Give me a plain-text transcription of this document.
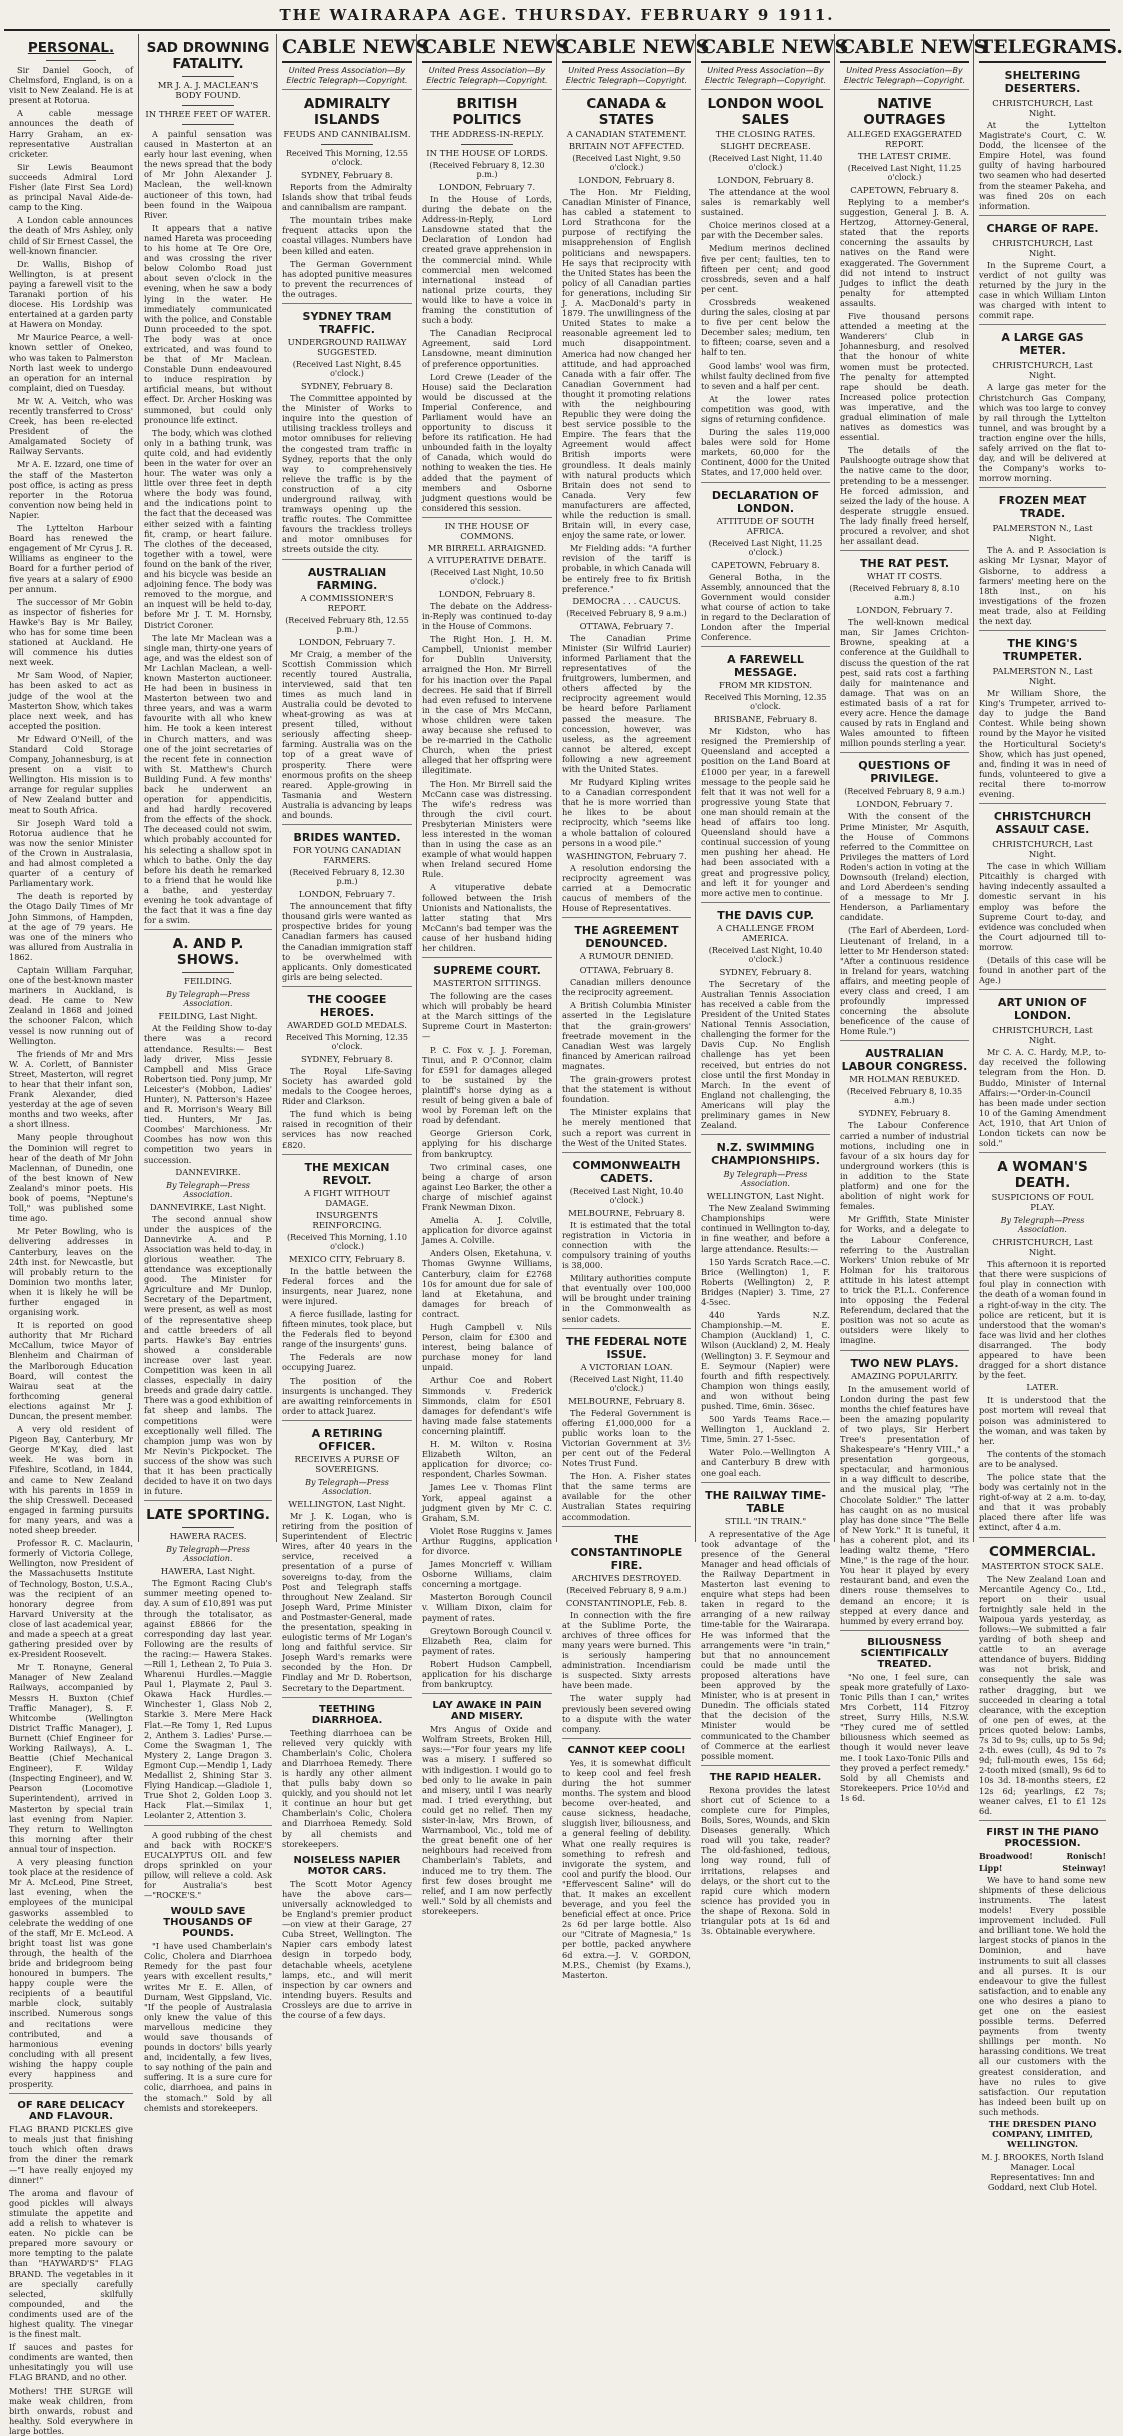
THE WAIRARAPA AGE. THURSDAY. FEBRUARY 9 1911.
PERSONAL.

Sir Daniel Gooch, of Chelmsford, England, is on a visit to New Zealand. He is at present at Rotorua.

A cable message announces the death of Harry Graham, an ex-representative Australian cricketer.

Sir Lewis Beaumont succeeds Admiral Lord Fisher (late First Sea Lord) as principal Naval Aide-de-camp to the King.

A London cable announces the death of Mrs Ashley, only child of Sir Ernest Cassel, the well-known financier.

Dr. Wallis, Bishop of Wellington, is at present paying a farewell visit to the Taranaki portion of his diocese. His Lordship was entertained at a garden party at Hawera on Monday.

Mr Maurice Pearce, a well-known settler of Onekeo, who was taken to Palmerston North last week to undergo an operation for an internal complaint, died on Tuesday.

Mr W. A. Veitch, who was recently transferred to Cross' Creek, has been re-elected President of the Amalgamated Society of Railway Servants.

Mr A. E. Izzard, one time of the staff of the Masterton post office, is acting as press reporter in the Rotorua convention now being held in Napier.

The Lyttelton Harbour Board has renewed the engagement of Mr Cyrus J. R. Williams as engineer to the Board for a further period of five years at a salary of £900 per annum.

The successor of Mr Gobin as inspector of fisheries for Hawke's Bay is Mr Bailey, who has for some time been stationed at Auckland. He will commence his duties next week.

Mr Sam Wood, of Napier, has been asked to act as judge of the wool at the Masterton Show, which takes place next week, and has accepted the position.

Mr Edward O'Neill, of the Standard Cold Storage Company, Johannesburg, is at present on a visit to Wellington. His mission is to arrange for regular supplies of New Zealand butter and meat to South Africa.

Sir Joseph Ward told a Rotorua audience that he was now the senior Minister of the Crown in Australasia, and had almost completed a quarter of a century of Parliamentary work.

The death is reported by the Otago Daily Times of Mr John Simmons, of Hampden, at the age of 79 years. He was one of the miners who was allured from Australia in 1862.

Captain William Farquhar, one of the best-known master mariners in Auckland, is dead. He came to New Zealand in 1868 and joined the schooner Falcon, which vessel is now running out of Wellington.

The friends of Mr and Mrs W. A. Corlett, of Bannister Street, Masterton, will regret to hear that their infant son, Frank Alexander, died yesterday at the age of seven months and two weeks, after a short illness.

Many people throughout the Dominion will regret to hear of the death of Mr John Maclennan, of Dunedin, one of the best known of New Zealand's minor poets. His book of poems, "Neptune's Toll," was published some time ago.

Mr Peter Bowling, who is delivering addresses in Canterbury, leaves on the 24th inst. for Newcastle, but will probably return to the Dominion two months later, when it is likely he will be further engaged in organising work.

It is reported on good authority that Mr Richard McCallum, twice Mayor of Blenheim and Chairman of the Marlborough Education Board, will contest the Wairau seat at the forthcoming general elections against Mr J. Duncan, the present member.

A very old resident of Pigeon Bay, Canterbury, Mr George M'Kay, died last week. He was born in Fifeshire, Scotland, in 1844, and came to New Zealand with his parents in 1859 in the ship Cresswell. Deceased engaged in farming pursuits for many years, and was a noted sheep breeder.

Professor R. C. Maclaurin, formerly of Victoria College, Wellington, now President of the Massachusetts Institute of Technology, Boston, U.S.A., was the recipient of an honorary degree from Harvard University at the close of last academical year, and made a speech at a great gathering presided over by ex-President Roosevelt.

Mr T. Ronayne, General Manager of New Zealand Railways, accompanied by Messrs H. Buxton (Chief Traffic Manager), S. F. Whitcombe (Wellington District Traffic Manager), J. Burnett (Chief Engineer for Working Railways), A. L. Beattie (Chief Mechanical Engineer), F. Wilday (Inspecting Engineer), and W. Pearson (Locomotive Superintendent), arrived in Masterton by special train last evening from Napier. They return to Wellington this morning after their annual tour of inspection.

A very pleasing function took place at the residence of Mr A. McLeod, Pine Street, last evening, when the employees of the municipal gasworks assembled to celebrate the wedding of one of the staff, Mr E. McLeod. A bright toast list was gone through, the health of the bride and bridegroom being honoured in bumpers. The happy couple were the recipients of a beautiful marble clock, suitably inscribed. Numerous songs and recitations were contributed, and a harmonious evening concluding with all present wishing the happy couple every happiness and prosperity.

OF RARE DELICACY AND FLAVOUR.

FLAG BRAND PICKLES give to meals just that finishing touch which often draws from the diner the remark—"I have really enjoyed my dinner!"

The aroma and flavour of good pickles will always stimulate the appetite and add a relish to whatever is eaten. No pickle can be prepared more savoury or more tempting to the palate than "HAYWARD'S" FLAG BRAND. The vegetables in it are specially carefully selected, skilfully compounded, and the condiments used are of the highest quality. The vinegar is the finest malt.

If sauces and pastes for condiments are wanted, then unhesitatingly you will use FLAG BRAND, and no other.

Mothers! THE SURGE will make weak children, from birth onwards, robust and healthy. Sold everywhere in large bottles.

SAD DROWNING FATALITY.
MR J. A. J. MACLEAN'S BODY FOUND.
IN THREE FEET OF WATER.

A painful sensation was caused in Masterton at an early hour last evening, when the news spread that the body of Mr John Alexander J. Maclean, the well-known auctioneer of this town, had been found in the Waipoua River.

It appears that a native named Hareta was proceeding to his home at Te Ore Ore, and was crossing the river below Colombo Road just about seven o'clock in the evening, when he saw a body lying in the water. He immediately communicated with the police, and Constable Dunn proceeded to the spot. The body was at once extricated, and was found to be that of Mr Maclean. Constable Dunn endeavoured to induce respiration by artificial means, but without effect. Dr. Archer Hosking was summoned, but could only pronounce life extinct.

The body, which was clothed only in a bathing trunk, was quite cold, and had evidently been in the water for over an hour. The water was only a little over three feet in depth where the body was found, and the indications point to the fact that the deceased was either seized with a fainting fit, cramp, or heart failure. The clothes of the deceased, together with a towel, were found on the bank of the river, and his bicycle was beside an adjoining fence. The body was removed to the morgue, and an inquest will be held to-day, before Mr J. T. M. Hornsby, District Coroner.

The late Mr Maclean was a single man, thirty-one years of age, and was the eldest son of Mr Lachlan Maclean, a well-known Masterton auctioneer. He had been in business in Masterton between two and three years, and was a warm favourite with all who knew him. He took a keen interest in Church matters, and was one of the joint secretaries of the recent fete in connection with St. Matthew's Church Building Fund. A few months' back he underwent an operation for appendicitis, and had hardly recovered from the effects of the shock. The deceased could not swim, which probably accounted for his selecting a shallow spot in which to bathe. Only the day before his death he remarked to a friend that he would like a bathe, and yesterday evening he took advantage of the fact that it was a fine day for a swim.

A. AND P. SHOWS.
FEILDING.
By Telegraph—Press Association.
FEILDING, Last Night.

At the Feilding Show to-day there was a record attendance. Results:— Best lady driver, Miss Jessie Campbell and Miss Grace Robertson tied. Pony jump, Mr Leicester's (Mobbon, Ladies' Hunter), N. Patterson's Hazee and R. Morrison's Weary Bill tied. Hunters, Mr Jas. Coombes' Marchioness. Mr Coombes has now won this competition two years in succession.

DANNEVIRKE.
By Telegraph—Press Association.
DANNEVIRKE, Last Night.

The second annual show under the auspices of the Dannevirke A. and P. Association was held to-day, in glorious weather. The attendance was exceptionally good. The Minister for Agriculture and Mr Dunlop, Secretary of the Department, were present, as well as most of the representative sheep and cattle breeders of all parts. Hawke's Bay entries showed a considerable increase over last year. Competition was keen in all classes, especially in dairy breeds and grade dairy cattle. There was a good exhibition of fat sheep and lambs. The competitions were exceptionally well filled. The champion jump was won by Mr Nevin's Pickpocket. The success of the show was such that it has been practically decided to have it on two days in future.

LATE SPORTING.
HAWERA RACES.
By Telegraph—Press Association.
HAWERA, Last Night.

The Egmont Racing Club's summer meeting opened to-day. A sum of £10,891 was put through the totalisator, as against £8866 for the corresponding day last year. Following are the results of the racing:— Hawera Stakes.—Rill 1, Lethean 2, To Puia 3. Wharenui Hurdles.—Maggie Paul 1, Playmate 2, Paul 3. Okawa Hack Hurdles.—Winchester 1, Glass Nob 2, Starkie 3. Mere Mere Hack Flat.—Re Tomy 1, Red Lupus 2, Anthem 3. Ladies' Purse.—Come the Swagman 1, The Mystery 2, Lange Dragon 3. Egmont Cup.—Mendip 1, Lady Medallist 2, Shining Star 3. Flying Handicap.—Gladiole 1, True Shot 2, Golden Loop 3. Hack Flat.—Similax 1, Leolanter 2, Attention 3.

A good rubbing of the chest and back with ROCKE'S EUCALYPTUS OIL and few drops sprinkled on your pillow, will relieve a cold. Ask for Australia's best—"ROCKE'S."

WOULD SAVE THOUSANDS OF POUNDS.

"I have used Chamberlain's Colic, Cholera and Diarrhoea Remedy for the past four years with excellent results," writes Mr E. E. Allen, of Durnam, West Gippsland, Vic. "If the people of Australasia only knew the value of this marvellous medicine they would save thousands of pounds in doctors' bills yearly and, incidentally, a few lives, to say nothing of the pain and suffering. It is a sure cure for colic, diarrhoea, and pains in the stomach." Sold by all chemists and storekeepers.

CABLE NEWS
United Press Association—By Electric Telegraph—Copyright.
ADMIRALTY ISLANDS
FEUDS AND CANNIBALISM.
Received This Morning, 12.55 o'clock.
SYDNEY, February 8.

Reports from the Admiralty Islands show that tribal feuds and cannibalism are rampant.

The mountain tribes make frequent attacks upon the coastal villages. Numbers have been killed and eaten.

The German Government has adopted punitive measures to prevent the recurrences of the outrages.

SYDNEY TRAM TRAFFIC.
UNDERGROUND RAILWAY SUGGESTED.
(Received Last Night, 8.45 o'clock.)
SYDNEY, February 8.

The Committee appointed by the Minister of Works to inquire into the question of utilising trackless trolleys and motor omnibuses for relieving the congested tram traffic in Sydney, reports that the only way to comprehensively relieve the traffic is by the construction of a city underground railway, with tramways opening up the traffic routes. The Committee favours the trackless trolleys and motor omnibuses for streets outside the city.

AUSTRALIAN FARMING.
A COMMISSIONER'S REPORT.
(Received February 8th, 12.55 p.m.)
LONDON, February 7.

Mr Craig, a member of the Scottish Commission which recently toured Australia, interviewed, said that ten times as much land in Australia could be devoted to wheat-growing as was at present tilled, without seriously affecting sheep-farming. Australia was on the top of a great wave of prosperity. There were enormous profits on the sheep reared. Apple-growing in Tasmania and Western Australia is advancing by leaps and bounds.

BRIDES WANTED.
FOR YOUNG CANADIAN FARMERS.
(Received February 8, 12.30 p.m.)
LONDON, February 7.

The announcement that fifty thousand girls were wanted as prospective brides for young Canadian farmers has caused the Canadian immigration staff to be overwhelmed with applicants. Only domesticated girls are being selected.

THE COOGEE HEROES.
AWARDED GOLD MEDALS.
Received This Morning, 12.35 o'clock.
SYDNEY, February 8.

The Royal Life-Saving Society has awarded gold medals to the Coogee heroes, Rider and Clarkson.

The fund which is being raised in recognition of their services has now reached £820.

THE MEXICAN REVOLT.
A FIGHT WITHOUT DAMAGE.
INSURGENTS REINFORCING.
(Received This Morning, 1.10 o'clock.)
MEXICO CITY, February 8.

In the battle between the Federal forces and the insurgents, near Juarez, none were injured.

A fierce fusillade, lasting for fifteen minutes, took place, but the Federals fled to beyond range of the insurgents' guns.

The Federals are now occupying Juarez.

The position of the insurgents is unchanged. They are awaiting reinforcements in order to attack Juarez.

A RETIRING OFFICER.
RECEIVES A PURSE OF SOVEREIGNS.
By Telegraph—Press Association.
WELLINGTON, Last Night.

Mr J. K. Logan, who is retiring from the position of Superintendent of Electric Wires, after 40 years in the service, received a presentation of a purse of sovereigns to-day, from the Post and Telegraph staffs throughout New Zealand. Sir Joseph Ward, Prime Minister and Postmaster-General, made the presentation, speaking in eulogistic terms of Mr Logan's long and faithful service. Sir Joseph Ward's remarks were seconded by the Hon. Dr Findlay and Mr D. Robertson, Secretary to the Department.

TEETHING DIARRHOEA.

Teething diarrhoea can be relieved very quickly with Chamberlain's Colic, Cholera and Diarrhoea Remedy. There is hardly any other ailment that pulls baby down so quickly, and you should not let it continue an hour but get Chamberlain's Colic, Cholera and Diarrhoea Remedy. Sold by all chemists and storekeepers.

NOISELESS NAPIER MOTOR CARS.

The Scott Motor Agency have the above cars—universally acknowledged to be England's premier product—on view at their Garage, 27 Cuba Street, Wellington. The Napier cars embody latest design in torpedo body, detachable wheels, acetylene lamps, etc., and will merit inspection by car owners and intending buyers. Results and Crossleys are due to arrive in the course of a few days.

CABLE NEWS
United Press Association—By Electric Telegraph—Copyright.
BRITISH POLITICS
THE ADDRESS-IN-REPLY.
IN THE HOUSE OF LORDS.
(Received February 8, 12.30 p.m.)
LONDON, February 7.

In the House of Lords, during the debate on the Address-in-Reply, Lord Lansdowne stated that the Declaration of London had created grave apprehension in the commercial mind. While commercial men welcomed international instead of national prize courts, they would like to have a voice in framing the constitution of such a body.

The Canadian Reciprocal Agreement, said Lord Lansdowne, meant diminution of preference opportunities.

Lord Crewe (Leader of the House) said the Declaration would be discussed at the Imperial Conference, and Parliament would have an opportunity to discuss it before its ratification. He had unbounded faith in the loyalty of Canada, which would do nothing to weaken the ties. He added that the payment of members and Osborne judgment questions would be considered this session.

IN THE HOUSE OF COMMONS.
MR BIRRELL ARRAIGNED.
A VITUPERATIVE DEBATE.
(Received Last Night, 10.50 o'clock.)
LONDON, February 8.

The debate on the Address-in-Reply was continued to-day in the House of Commons.

The Right Hon. J. H. M. Campbell, Unionist member for Dublin University, arraigned the Hon. Mr Birrell for his inaction over the Papal decrees. He said that if Birrell had even refused to intervene in the case of Mrs McCann, whose children were taken away because she refused to be re-married in the Catholic Church, when the priest alleged that her offspring were illegitimate.

The Hon. Mr Birrell said the McCann case was distressing. The wife's redress was through the civil court. Presbyterian Ministers were less interested in the woman than in using the case as an example of what would happen when Ireland secured Home Rule.

A vituperative debate followed between the Irish Unionists and Nationalists, the latter stating that Mrs McCann's bad temper was the cause of her husband hiding her children.

SUPREME COURT.
MASTERTON SITTINGS.

The following are the cases which will probably be heard at the March sittings of the Supreme Court in Masterton:—

P. C. Fox v. J. J. Foreman, Tinui, and P. O'Connor, claim for £591 for damages alleged to be sustained by the plaintiff's horse dying as a result of being given a bale of wool by Foreman left on the road by defendant.

George Grierson Cork, applying for his discharge from bankruptcy.

Two criminal cases, one being a charge of arson against Leo Barker, the other a charge of mischief against Frank Newman Dixon.

Amelia A. J. Colville, application for divorce against James A. Colville.

Anders Olsen, Eketahuna, v. Thomas Gwynne Williams, Canterbury, claim for £2768 10s for amount due for sale of land at Eketahuna, and damages for breach of contract.

Hugh Campbell v. Nils Person, claim for £300 and interest, being balance of purchase money for land unpaid.

Arthur Coe and Robert Simmonds v. Frederick Simmonds, claim for £501 damages for defendant's wife having made false statements concerning plaintiff.

H. M. Wilton v. Rosina Elizabeth Wilton, an application for divorce; co-respondent, Charles Sowman.

James Lee v. Thomas Flint York, appeal against a judgment given by Mr C. C. Graham, S.M.

Violet Rose Ruggins v. James Arthur Ruggins, application for divorce.

James Moncrieff v. William Osborne Williams, claim concerning a mortgage.

Masterton Borough Council v. William Dixon, claim for payment of rates.

Greytown Borough Council v. Elizabeth Rea, claim for payment of rates.

Robert Hudson Campbell, application for his discharge from bankruptcy.

LAY AWAKE IN PAIN AND MISERY.

Mrs Angus of Oxide and Wolfram Streets, Broken Hill, says:—"For four years my life was a misery. I suffered so with indigestion. I would go to bed only to lie awake in pain and misery, until I was nearly mad. I tried everything, but could get no relief. Then my sister-in-law, Mrs Brown, of Warrnambool, Vic., told me of the great benefit one of her neighbours had received from Chamberlain's Tablets, and induced me to try them. The first few doses brought me relief, and I am now perfectly well." Sold by all chemists and storekeepers.

CABLE NEWS
United Press Association—By Electric Telegraph—Copyright.
CANADA & STATES
A CANADIAN STATEMENT.
BRITAIN NOT AFFECTED.
(Received Last Night, 9.50 o'clock.)
LONDON, February 8.

The Hon. Mr Fielding, Canadian Minister of Finance, has cabled a statement to Lord Strathcona for the purpose of rectifying the misapprehension of English politicians and newspapers. He says that reciprocity with the United States has been the policy of all Canadian parties for generations, including Sir J. A. MacDonald's party in 1879. The unwillingness of the United States to make a reasonable agreement led to much disappointment. America had now changed her attitude, and had approached Canada with a fair offer. The Canadian Government had thought it promoting relations with the neighbouring Republic they were doing the best service possible to the Empire. The fears that the Agreement would affect British imports were groundless. It deals mainly with natural products which Britain does not send to Canada. Very few manufacturers are affected, while the reduction is small. Britain will, in every case, enjoy the same rate, or lower.

Mr Fielding adds: "A further revision of the tariff is probable, in which Canada will be entirely free to fix British preference."

DEMOCRA . . . CAUCUS.
(Received February 8, 9 a.m.)
OTTAWA, February 7.

The Canadian Prime Minister (Sir Wilfrid Laurier) informed Parliament that the representatives of the fruitgrowers, lumbermen, and others affected by the reciprocity agreement would be heard before Parliament passed the measure. The concession, however, was useless, as the agreement cannot be altered, except following a new agreement with the United States.

Mr Rudyard Kipling writes to a Canadian correspondent that he is more worried than he likes to be about reciprocity, which "seems like a whole battalion of coloured persons in a wood pile."

WASHINGTON, February 7.

A resolution endorsing the reciprocity agreement was carried at a Democratic caucus of members of the House of Representatives.

THE AGREEMENT DENOUNCED.
A RUMOUR DENIED.
OTTAWA, February 8.

Canadian millers denounce the reciprocity agreement.

A British Columbia Minister asserted in the Legislature that the grain-growers' freetrade movement in the Canadian West was largely financed by American railroad magnates.

The grain-growers protest that the statement is without foundation.

The Minister explains that he merely mentioned that such a report was current in the West of the United States.

COMMONWEALTH CADETS.
(Received Last Night, 10.40 o'clock.)
MELBOURNE, February 8.

It is estimated that the total registration in Victoria in connection with the compulsory training of youths is 38,000.

Military authorities compute that eventually over 100,000 will be brought under training in the Commonwealth as senior cadets.

THE FEDERAL NOTE ISSUE.
A VICTORIAN LOAN.
(Received Last Night, 11.40 o'clock.)
MELBOURNE, February 8.

The Federal Government is offering £1,000,000 for a public works loan to the Victorian Government at 3½ per cent out of the Federal Notes Trust Fund.

The Hon. A. Fisher states that the same terms are available for the other Australian States requiring accommodation.

THE CONSTANTINOPLE FIRE.
ARCHIVES DESTROYED.
(Received February 8, 9 a.m.)
CONSTANTINOPLE, Feb. 8.

In connection with the fire at the Sublime Porte, the archives of three offices for many years were burned. This is seriously hampering administration. Incendiarism is suspected. Sixty arrests have been made.

The water supply had previously been severed owing to a dispute with the water company.

CANNOT KEEP COOL!

Yes, it is somewhat difficult to keep cool and feel fresh during the hot summer months. The system and blood become over-heated, and cause sickness, headache, sluggish liver, biliousness, and a general feeling of debility. What one really requires is something to refresh and invigorate the system, and cool and purify the blood. Our "Effervescent Saline" will do that. It makes an excellent beverage, and you feel the beneficial effect at once. Price 2s 6d per large bottle. Also our "Citrate of Magnesia," 1s per bottle, packed anywhere 6d extra.—J. V. GORDON, M.P.S., Chemist (by Exams.), Masterton.

CABLE NEWS
United Press Association—By Electric Telegraph—Copyright.
LONDON WOOL SALES
THE CLOSING RATES.
SLIGHT DECREASE.
(Received Last Night, 11.40 o'clock.)
LONDON, February 8.

The attendance at the wool sales is remarkably well sustained.

Choice merinos closed at a par with the December sales.

Medium merinos declined five per cent; faulties, ten to fifteen per cent; and good crossbreds, seven and a half per cent.

Crossbreds weakened during the sales, closing at par to five per cent below the December sales; medium, ten to fifteen; coarse, seven and a half to ten.

Good lambs' wool was firm, whilst faulty declined from five to seven and a half per cent.

At the lower rates competition was good, with signs of returning confidence.

During the sales 119,000 bales were sold for Home markets, 60,000 for the Continent, 4000 for the United States, and 17,000 held over.

DECLARATION OF LONDON.
ATTITUDE OF SOUTH AFRICA.
(Received Last Night, 11.25 o'clock.)
CAPETOWN, February 8.

General Botha, in the Assembly, announced that the Government would consider what course of action to take in regard to the Declaration of London after the Imperial Conference.

A FAREWELL MESSAGE.
FROM MR KIDSTON.
Received This Morning, 12.35 o'clock.
BRISBANE, February 8.

Mr Kidston, who has resigned the Premiership of Queensland and accepted a position on the Land Board at £1000 per year, in a farewell message to the people said he felt that it was not well for a progressive young State that one man should remain at the head of affairs too long. Queensland should have a continual succession of young men pushing her ahead. He had been associated with a great and progressive policy, and left it for younger and more active men to continue.

THE DAVIS CUP.
A CHALLENGE FROM AMERICA.
(Received Last Night, 10.40 o'clock.)
SYDNEY, February 8.

The Secretary of the Australian Tennis Association has received a cable from the President of the United States National Tennis Association, challenging the former for the Davis Cup. No English challenge has yet been received, but entries do not close until the first Monday in March. In the event of England not challenging, the Americans will play the preliminary games in New Zealand.

N.Z. SWIMMING CHAMPIONSHIPS.
By Telegraph—Press Association.
WELLINGTON, Last Night.

The New Zealand Swimming Championships were continued in Wellington to-day, in fine weather, and before a large attendance. Results:—

150 Yards Scratch Race.—C. Brice (Wellington) 1, F. Roberts (Wellington) 2, P. Bridges (Napier) 3. Time, 27 4-5sec.

440 Yards N.Z. Championship.—M. E. Champion (Auckland) 1, C. Wilson (Auckland) 2, M. Healy (Wellington) 3. F. Seymour and E. Seymour (Napier) were fourth and fifth respectively. Champion won things easily, and won without being pushed. Time, 6min. 36sec.

500 Yards Teams Race.—Wellington 1, Auckland 2. Time, 5min. 27 1-5sec.

Water Polo.—Wellington A and Canterbury B drew with one goal each.

THE RAILWAY TIME-TABLE
STILL "IN TRAIN."

A representative of the Age took advantage of the presence of the General Manager and head officials of the Railway Department in Masterton last evening to enquire what steps had been taken in regard to the arranging of a new railway time-table for the Wairarapa. He was informed that the arrangements were "in train," but that no announcement could be made until the proposed alterations have been approved by the Minister, who is at present in Dunedin. The officials stated that the decision of the Minister would be communicated to the Chamber of Commerce at the earliest possible moment.

THE RAPID HEALER.

Rexona provides the latest short cut of Science to a complete cure for Pimples, Boils, Sores, Wounds, and Skin Diseases generally. Which road will you take, reader? The old-fashioned, tedious, long way round, full of irritations, relapses and delays, or the short cut to the rapid cure which modern science has provided you in the shape of Rexona. Sold in triangular pots at 1s 6d and 3s. Obtainable everywhere.

CABLE NEWS
United Press Association—By Electric Telegraph—Copyright.
NATIVE OUTRAGES
ALLEGED EXAGGERATED REPORT.
THE LATEST CRIME.
(Received Last Night, 11.25 o'clock.)
CAPETOWN, February 8.

Replying to a member's suggestion, General J. B. A. Hertzog, Attorney-General, stated that the reports concerning the assaults by natives on the Rand were exaggerated. The Government did not intend to instruct Judges to inflict the death penalty for attempted assaults.

Five thousand persons attended a meeting at the Wanderers' Club in Johannesburg, and resolved that the honour of white women must be protected. The penalty for attempted rape should be death. Increased police protection was imperative, and the gradual elimination of male natives as domestics was essential.

The details of the Paulshoogte outrage show that the native came to the door, pretending to be a messenger. He forced admission, and seized the lady of the house. A desperate struggle ensued. The lady finally freed herself, procured a revolver, and shot her assailant dead.

THE RAT PEST.
WHAT IT COSTS.
(Received February 8, 8.10 a.m.)
LONDON, February 7.

The well-known medical man, Sir James Crichton-Browne, speaking at a conference at the Guildhall to discuss the question of the rat pest, said rats cost a farthing daily for maintenance and damage. That was on an estimated basis of a rat for every acre. Hence the damage caused by rats in England and Wales amounted to fifteen million pounds sterling a year.

QUESTIONS OF PRIVILEGE.
(Received February 8, 9 a.m.)
LONDON, February 7.

With the consent of the Prime Minister, Mr Asquith, the House of Commons referred to the Committee on Privileges the matters of Lord Roden's action in voting at the Downsouth (Ireland) election, and Lord Aberdeen's sending of a message to Mr J. Henderson, a Parliamentary candidate.

(The Earl of Aberdeen, Lord-Lieutenant of Ireland, in a letter to Mr Henderson stated: "After a continuous residence in Ireland for years, watching affairs, and meeting people of every class and creed, I am profoundly impressed concerning the absolute beneficence of the cause of Home Rule.")

AUSTRALIAN LABOUR CONGRESS.
MR HOLMAN REBUKED.
(Received February 8, 10.35 a.m.)
SYDNEY, February 8.

The Labour Conference carried a number of industrial motions, including one in favour of a six hours day for underground workers (this is in addition to the State platform) and one for the abolition of night work for females.

Mr Griffith, State Minister for Works, and a delegate to the Labour Conference, referring to the Australian Workers' Union rebuke of Mr Holman for his traitorous attitude in his latest attempt to trick the P.L.L. Conference into opposing the Federal Referendum, declared that the position was not so acute as outsiders were likely to imagine.

TWO NEW PLAYS.
AMAZING POPULARITY.

In the amusement world of London during the past few months the chief features have been the amazing popularity of two plays, Sir Herbert Tree's presentation of Shakespeare's "Henry VIII.," a presentation gorgeous, spectacular, and harmonious in a way difficult to describe, and the musical play, "The Chocolate Soldier." The latter has caught on as no musical play has done since "The Belle of New York." It is tuneful, it has a coherent plot, and its leading waltz theme, "Hero Mine," is the rage of the hour. You hear it played by every restaurant band, and even the diners rouse themselves to demand an encore; it is stepped at every dance and hummed by every errand boy.

BILIOUSNESS SCIENTIFICALLY TREATED.

"No one, I feel sure, can speak more gratefully of Laxo-Tonic Pills than I can," writes Mrs Corbett, 114 Fitzroy street, Surry Hills, N.S.W. "They cured me of settled biliousness which seemed as though it would never leave me. I took Laxo-Tonic Pills and they proved a perfect remedy." Sold by all Chemists and Storekeepers. Price 10½d and 1s 6d.

TELEGRAMS.
SHELTERING DESERTERS.
CHRISTCHURCH, Last Night.

At the Lyttelton Magistrate's Court, C. W. Dodd, the licensee of the Empire Hotel, was found guilty of having harboured two seamen who had deserted from the steamer Pakeha, and was fined 20s on each information.

CHARGE OF RAPE.
CHRISTCHURCH, Last Night.

In the Supreme Court, a verdict of not guilty was returned by the jury in the case in which William Linton was charged with intent to commit rape.

A LARGE GAS METER.
CHRISTCHURCH, Last Night.

A large gas meter for the Christchurch Gas Company, which was too large to convey by rail through the Lyttelton tunnel, and was brought by a traction engine over the hills, safely arrived on the flat to-day, and will be delivered at the Company's works to-morrow morning.

FROZEN MEAT TRADE.
PALMERSTON N., Last Night.

The A. and P. Association is asking Mr Lysnar, Mayor of Gisborne, to address a farmers' meeting here on the 18th inst., on his investigations of the frozen meat trade, also at Feilding the next day.

THE KING'S TRUMPETER.
PALMERSTON N., Last Night.

Mr William Shore, the King's Trumpeter, arrived to-day to judge the Band Contest. While being shown round by the Mayor he visited the Horticultural Society's Show, which has just opened, and, finding it was in need of funds, volunteered to give a recital there to-morrow evening.

CHRISTCHURCH ASSAULT CASE.
CHRISTCHURCH, Last Night.

The case in which William Pitcaithly is charged with having indecently assaulted a domestic servant in his employ was before the Supreme Court to-day, and evidence was concluded when the Court adjourned till to-morrow.

(Details of this case will be found in another part of the Age.)

ART UNION OF LONDON.
CHRISTCHURCH, Last Night.

Mr C. A. C. Hardy, M.P., to-day received the following telegram from the Hon. D. Buddo, Minister of Internal Affairs:—"Order-in-Council has been made under section 10 of the Gaming Amendment Act, 1910, that Art Union of London tickets can now be sold."

A WOMAN'S DEATH.
SUSPICIONS OF FOUL PLAY.
By Telegraph—Press Association.
CHRISTCHURCH, Last Night.

This afternoon it is reported that there were suspicions of foul play in connection with the death of a woman found in a right-of-way in the city. The police are reticent, but it is understood that the woman's face was livid and her clothes disarranged. The body appeared to have been dragged for a short distance by the feet.

LATER.

It is understood that the post mortem will reveal that poison was administered to the woman, and was taken by her.

The contents of the stomach are to be analysed.

The police state that the body was certainly not in the right-of-way at 2 a.m. to-day, and that it was probably placed there after life was extinct, after 4 a.m.

COMMERCIAL.
MASTERTON STOCK SALE.

The New Zealand Loan and Mercantile Agency Co., Ltd., report on their usual fortnightly sale held in the Waipoua yards yesterday, as follows:—We submitted a fair yarding of both sheep and cattle to an average attendance of buyers. Bidding was not brisk, and consequently the sale was rather dragging, but we succeeded in clearing a total clearance, with the exception of one pen of ewes, at the prices quoted below: Lambs, 7s 3d to 9s; culls, up to 5s 9d; 2-th. ewes (cull), 4s 9d to 7s 9d; full-mouth ewes, 15s 6d; 2-tooth mixed (small), 9s 6d to 10s 3d. 18-months steers, £2 12s 6d; yearlings, £2 7s; weaner calves, £1 to £1 12s 6d.

FIRST IN THE PIANO PROCESSION.
Broadwood!	Ronisch!
Lipp!	Steinway!

We have to hand some new shipments of these delicious instruments. The latest models! Every possible improvement included. Full and brilliant tone. We hold the largest stocks of pianos in the Dominion, and have instruments to suit all classes and all purses. It is our endeavour to give the fullest satisfaction, and to enable any one who desires a piano to get one on the easiest possible terms. Deferred payments from twenty shillings per month. No harassing conditions. We treat all our customers with the greatest consideration, and have no rules to give satisfaction. Our reputation has indeed been built up on such methods.

THE DRESDEN PIANO COMPANY, LIMITED, WELLINGTON.

M. J. BROOKES, North Island Manager. Local Representatives: Inn and Goddard, next Club Hotel.
